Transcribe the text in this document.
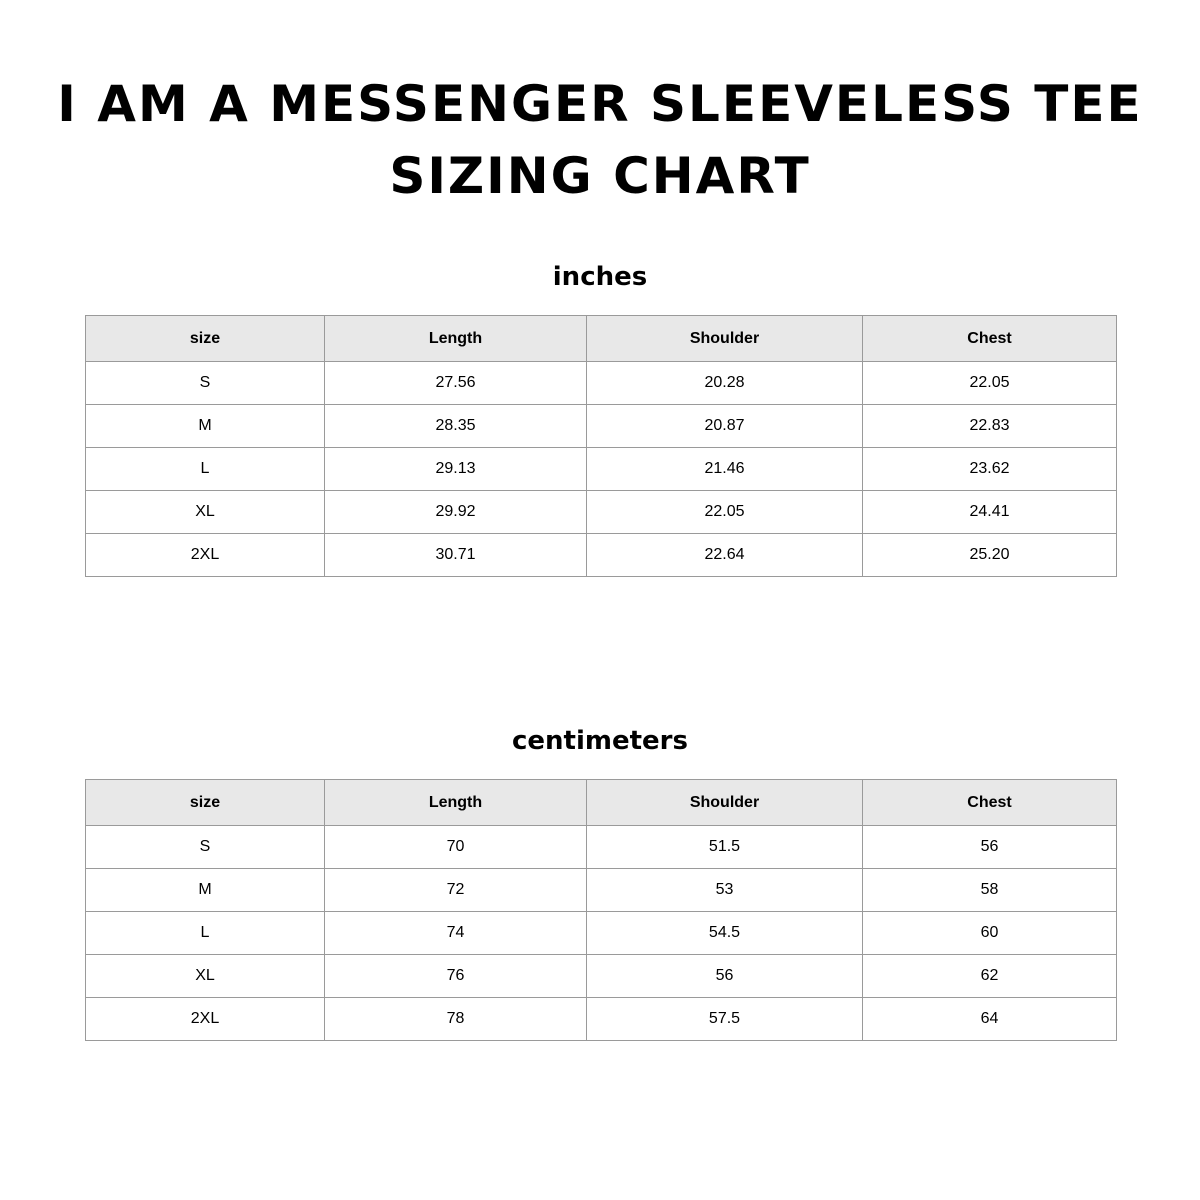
I AM A MESSENGER SLEEVELESS TEE
SIZING CHART
inches
size	Length	Shoulder	Chest
S	27.56	20.28	22.05
M	28.35	20.87	22.83
L	29.13	21.46	23.62
XL	29.92	22.05	24.41
2XL	30.71	22.64	25.20
centimeters
size	Length	Shoulder	Chest
S	70	51.5	56
M	72	53	58
L	74	54.5	60
XL	76	56	62
2XL	78	57.5	64
